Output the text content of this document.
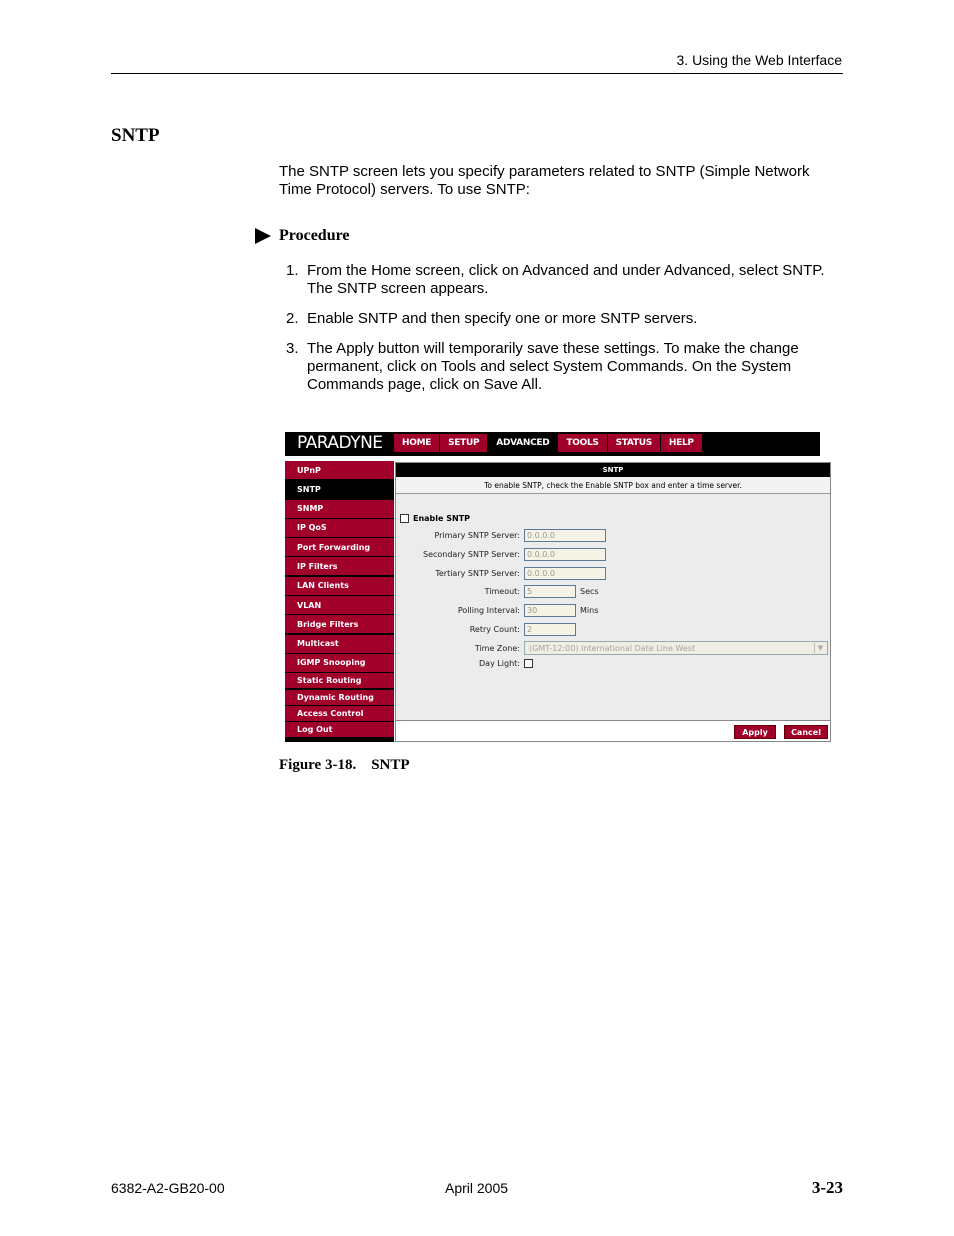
3. Using the Web Interface
SNTP
The SNTP screen lets you specify parameters related to SNTP (Simple Network Time Protocol) servers. To use SNTP:
Procedure
1. From the Home screen, click on Advanced and under Advanced, select SNTP. The SNTP screen appears.
2. Enable SNTP and then specify one or more SNTP servers.
3. The Apply button will temporarily save these settings. To make the change permanent, click on Tools and select System Commands. On the System Commands page, click on Save All.
PARADYNE	HOME	SETUP	ADVANCED	TOOLS	STATUS	HELP
UPnP
SNTP
SNMP
IP QoS
Port Forwarding
IP Filters
LAN Clients
VLAN
Bridge Filters
Multicast
IGMP Snooping
Static Routing
Dynamic Routing
Access Control
Log Out
SNTP
To enable SNTP, check the Enable SNTP box and enter a time server.
Enable SNTP
Primary SNTP Server: 0.0.0.0
Secondary SNTP Server: 0.0.0.0
Tertiary SNTP Server: 0.0.0.0
Timeout: 5	Secs
Polling Interval: 30	Mins
Retry Count: 2
Time Zone:	(GMT-12:00) International Date Line West	▼
Day Light:
Apply	Cancel
Figure 3-18.    SNTP
6382-A2-GB20-00	April 2005	3-23
